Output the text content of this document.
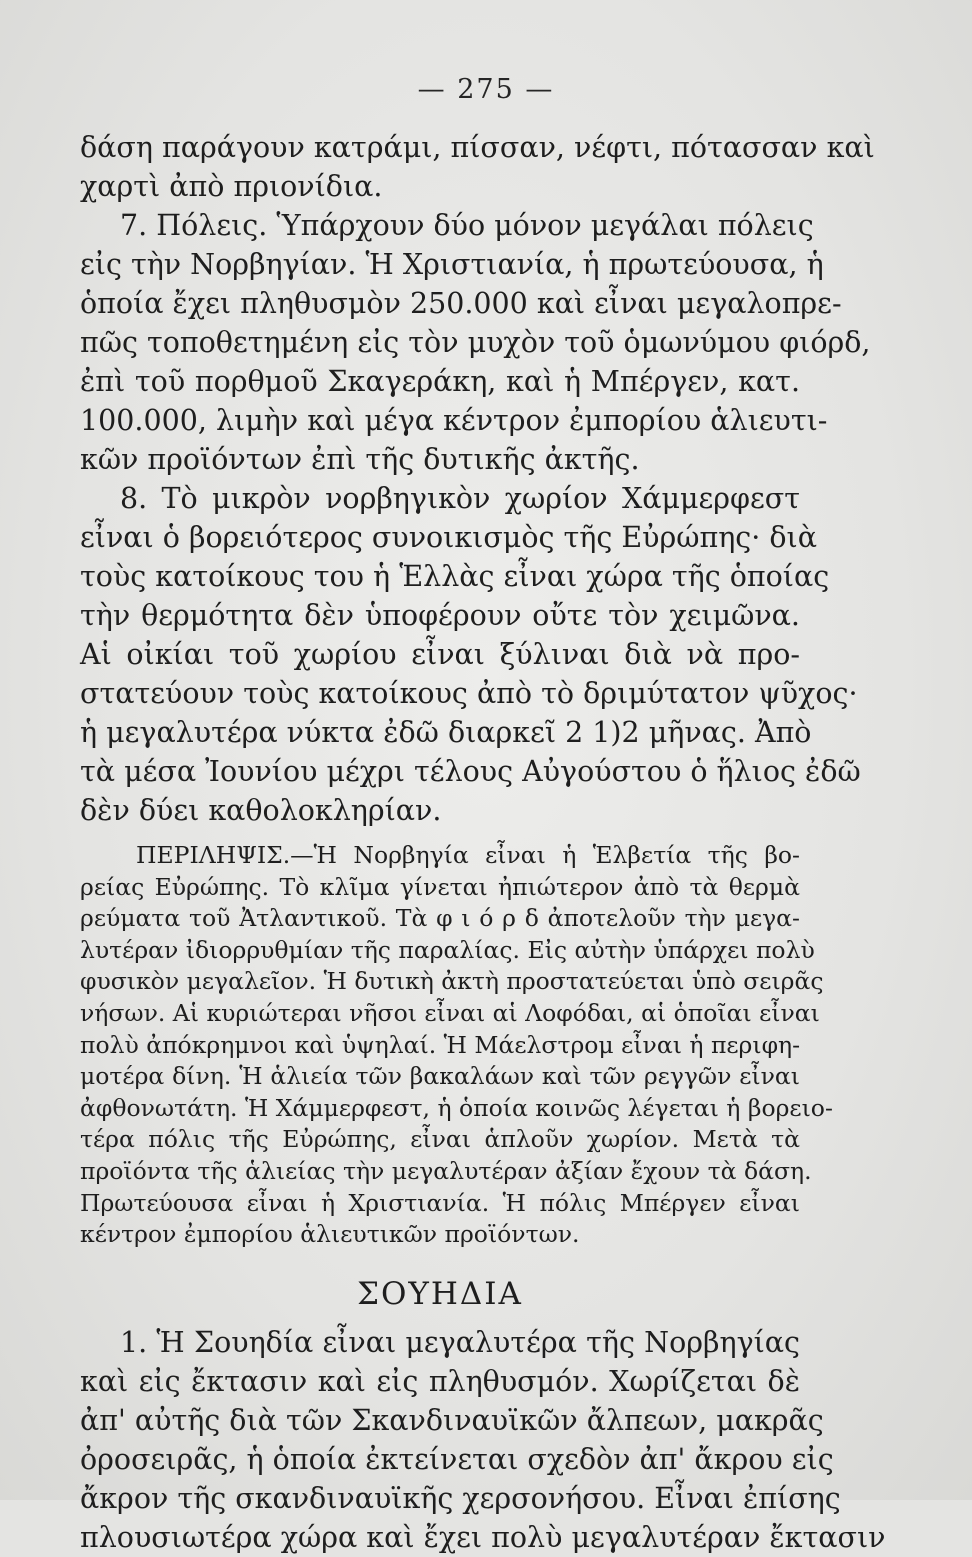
— 275 —
δάση παράγουν κατράμι, πίσσαν, νέφτι, πότασσαν καὶ
χαρτὶ ἀπὸ πριονίδια.
7. Πόλεις. Ὑπάρχουν δύο μόνον μεγάλαι πόλεις
εἰς τὴν Νορβηγίαν. Ἡ Χριστιανία, ἡ πρωτεύουσα, ἡ
ὁποία ἔχει πληθυσμὸν 250.000 καὶ εἶναι μεγαλοπρε-
πῶς τοποθετημένη εἰς τὸν μυχὸν τοῦ ὁμωνύμου φιόρδ,
ἐπὶ τοῦ πορθμοῦ Σκαγεράκη, καὶ ἡ Μπέργεν, κατ.
100.000, λιμὴν καὶ μέγα κέντρον ἐμπορίου ἁλιευτι-
κῶν προϊόντων ἐπὶ τῆς δυτικῆς ἀκτῆς.
8. Τὸ μικρὸν νορβηγικὸν χωρίον Χάμμερφεστ
εἶναι ὁ βορειότερος συνοικισμὸς τῆς Εὐρώπης· διὰ
τοὺς κατοίκους του ἡ Ἑλλὰς εἶναι χώρα τῆς ὁποίας
τὴν θερμότητα δὲν ὑποφέρουν οὔτε τὸν χειμῶνα.
Αἱ οἰκίαι τοῦ χωρίου εἶναι ξύλιναι διὰ νὰ προ-
στατεύουν τοὺς κατοίκους ἀπὸ τὸ δριμύτατον ψῦχος·
ἡ μεγαλυτέρα νύκτα ἐδῶ διαρκεῖ 2 1)2 μῆνας. Ἀπὸ
τὰ μέσα Ἰουνίου μέχρι τέλους Αὐγούστου ὁ ἥλιος ἐδῶ
δὲν δύει καθολοκληρίαν.
ΠΕΡΙΛΗΨΙΣ.—Ἡ Νορβηγία εἶναι ἡ Ἑλβετία τῆς βο-
ρείας Εὐρώπης. Τὸ κλῖμα γίνεται ἠπιώτερον ἀπὸ τὰ θερμὰ
ρεύματα τοῦ Ἀτλαντικοῦ. Τὰ φ ι ό ρ δ ἀποτελοῦν τὴν μεγα-
λυτέραν ἰδιορρυθμίαν τῆς παραλίας. Εἰς αὐτὴν ὑπάρχει πολὺ
φυσικὸν μεγαλεῖον. Ἡ δυτικὴ ἀκτὴ προστατεύεται ὑπὸ σειρᾶς
νήσων. Αἱ κυριώτεραι νῆσοι εἶναι αἱ Λοφόδαι, αἱ ὁποῖαι εἶναι
πολὺ ἀπόκρημνοι καὶ ὑψηλαί. Ἡ Μάελστρομ εἶναι ἡ περιφη-
μοτέρα δίνη. Ἡ ἁλιεία τῶν βακαλάων καὶ τῶν ρεγγῶν εἶναι
ἀφθονωτάτη. Ἡ Χάμμερφεστ, ἡ ὁποία κοινῶς λέγεται ἡ βορειο-
τέρα πόλις τῆς Εὐρώπης, εἶναι ἁπλοῦν χωρίον. Μετὰ τὰ
προϊόντα τῆς ἁλιείας τὴν μεγαλυτέραν ἀξίαν ἔχουν τὰ δάση.
Πρωτεύουσα εἶναι ἡ Χριστιανία. Ἡ πόλις Μπέργεν εἶναι
κέντρον ἐμπορίου ἁλιευτικῶν προϊόντων.
ΣΟΥΗΔΙΑ
1. Ἡ Σουηδία εἶναι μεγαλυτέρα τῆς Νορβηγίας
καὶ εἰς ἔκτασιν καὶ εἰς πληθυσμόν. Χωρίζεται δὲ
ἀπ' αὐτῆς διὰ τῶν Σκανδιναυϊκῶν ἄλπεων, μακρᾶς
ὀροσειρᾶς, ἡ ὁποία ἐκτείνεται σχεδὸν ἀπ' ἄκρου εἰς
ἄκρον τῆς σκανδιναυϊκῆς χερσονήσου. Εἶναι ἐπίσης
πλουσιωτέρα χώρα καὶ ἔχει πολὺ μεγαλυτέραν ἔκτασιν
